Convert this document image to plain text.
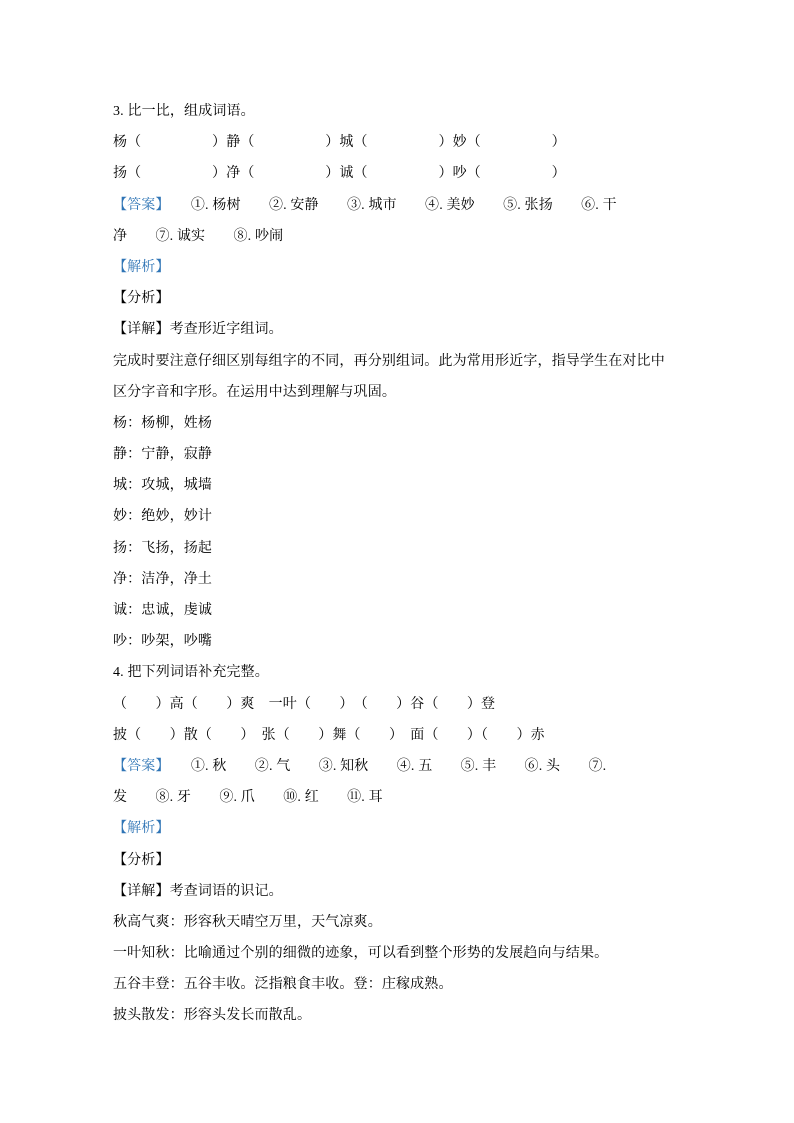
3. 比一比，组成词语。
杨（　　　　　）静（　　　　　）城（　　　　　）妙（　　　　　）
扬（　　　　　）净（　　　　　）诚（　　　　　）吵（　　　　　）
【答案】　　①. 杨树　　②. 安静　　③. 城市　　④. 美妙　　⑤. 张扬　　⑥. 干
净　　⑦. 诚实　　⑧. 吵闹
【解析】
【分析】
【详解】考查形近字组词。
完成时要注意仔细区别每组字的不同，再分别组词。此为常用形近字，指导学生在对比中
区分字音和字形。在运用中达到理解与巩固。
杨：杨柳，姓杨
静：宁静，寂静
城：攻城，城墙
妙：绝妙，妙计
扬：飞扬，扬起
净：洁净，净土
诚：忠诚，虔诚
吵：吵架，吵嘴
4. 把下列词语补充完整。
（　　）高（　　）爽　一叶（　　）　（　　）谷（　　）登
披（　　）散（　　）　张（　　）舞（　　）　面（　　）（　　）赤
【答案】　　①. 秋　　②. 气　　③. 知秋　　④. 五　　⑤. 丰　　⑥. 头　　⑦.
发　　⑧. 牙　　⑨. 爪　　⑩. 红　　⑪. 耳
【解析】
【分析】
【详解】考查词语的识记。
秋高气爽：形容秋天晴空万里，天气凉爽。
一叶知秋：比喻通过个别的细微的迹象，可以看到整个形势的发展趋向与结果。
五谷丰登：五谷丰收。泛指粮食丰收。登：庄稼成熟。
披头散发：形容头发长而散乱。
